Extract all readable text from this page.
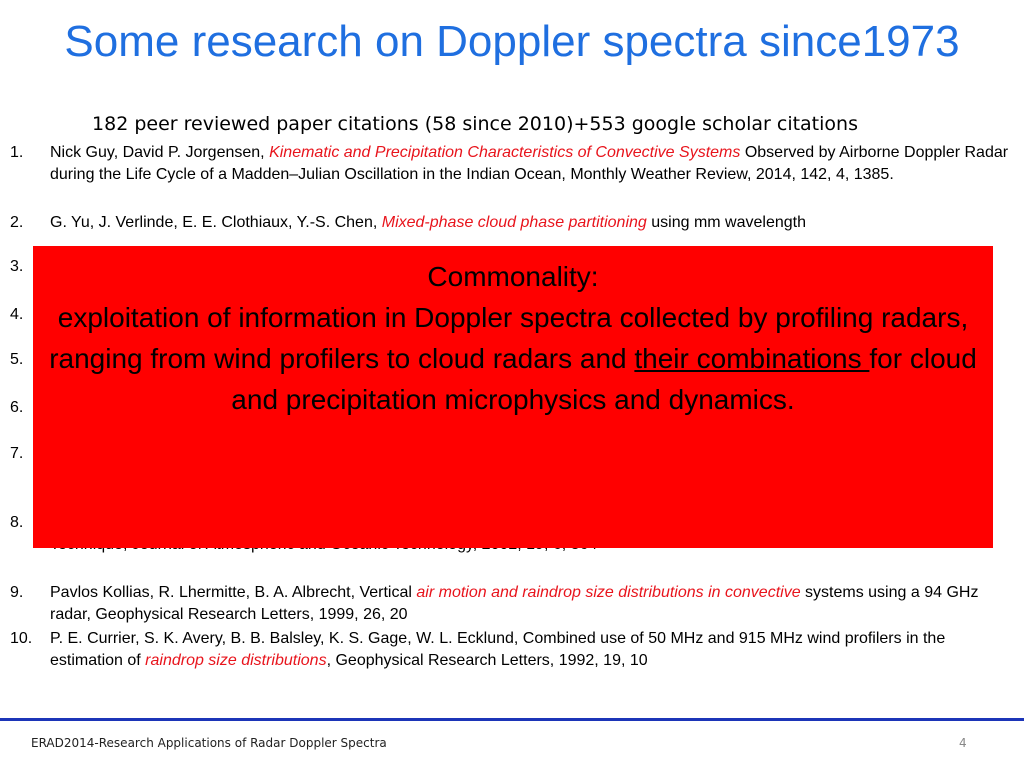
Some research on Doppler spectra since1973
182 peer reviewed paper citations (58 since 2010)+553 google scholar citations
1.	Nick Guy, David P. Jorgensen, Kinematic and Precipitation Characteristics of Convective Systems Observed by Airborne Doppler Radar during the Life Cycle of a Madden–Julian Oscillation in the Indian Ocean, Monthly Weather Review, 2014, 142, 4, 1385.
2.	G. Yu, J. Verlinde, E. E. Clothiaux, Y.-S. Chen, Mixed-phase cloud phase partitioning using mm wavelength
3.
4.
5.
6.
7.
8.
9.	Pavlos Kollias, R. Lhermitte, B. A. Albrecht, Vertical air motion and raindrop size distributions in convective systems using a 94 GHz radar, Geophysical Research Letters, 1999, 26, 20
10.	P. E. Currier, S. K. Avery, B. B. Balsley, K. S. Gage, W. L. Ecklund, Combined use of 50 MHz and 915 MHz wind profilers in the estimation of raindrop size distributions, Geophysical Research Letters, 1992, 19, 10
Commonality:
exploitation of information in Doppler spectra collected by profiling radars, ranging from wind profilers to cloud radars and their combinations for cloud and precipitation microphysics and dynamics.
ERAD2014-Research Applications of Radar Doppler Spectra	4
